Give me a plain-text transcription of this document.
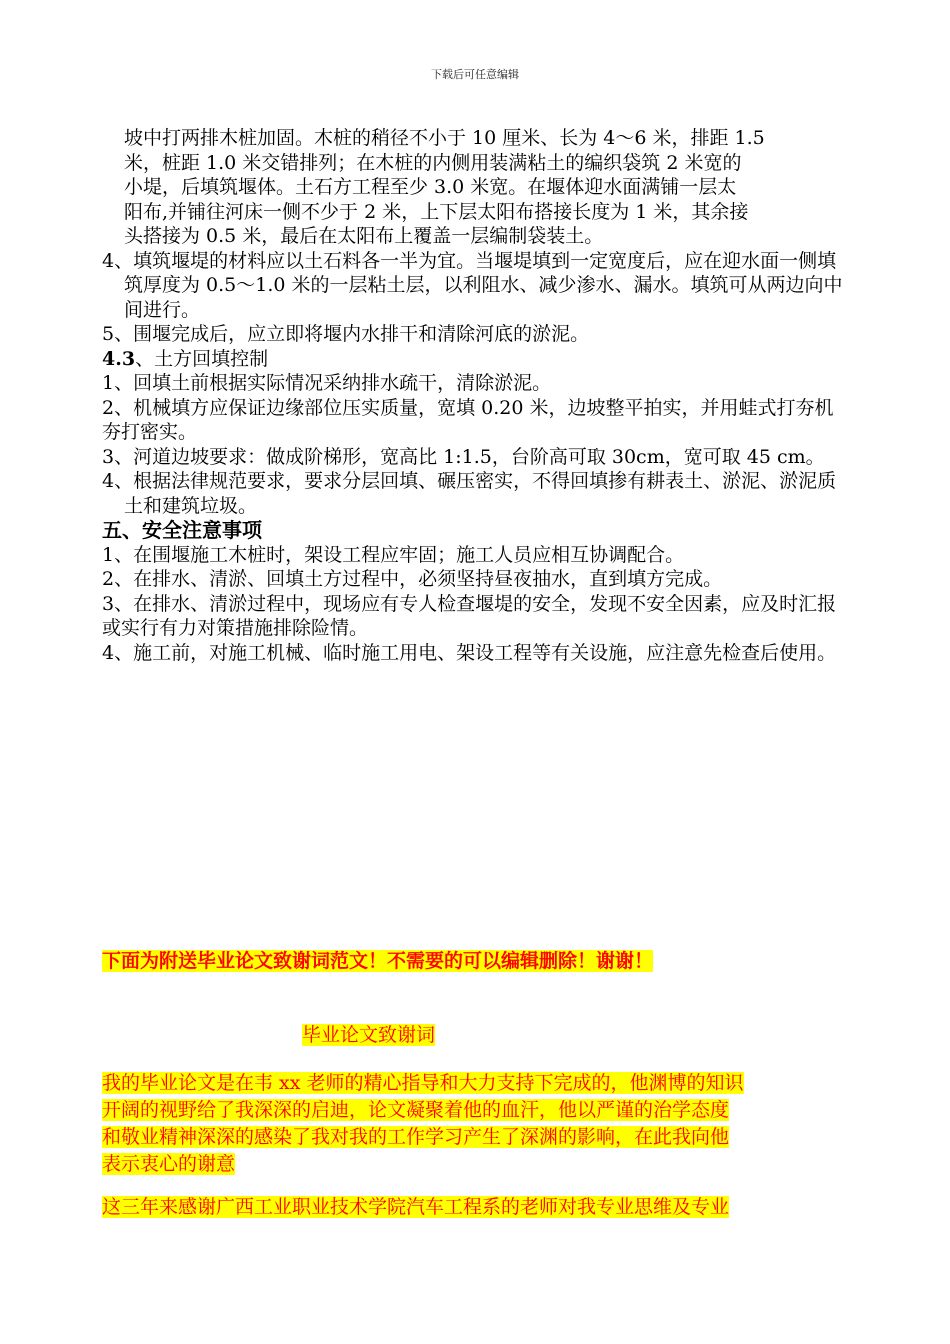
下载后可任意编辑
坡中打两排木桩加固。木桩的稍径不小于 10 厘米、长为 4～6 米，排距 1.5
米，桩距 1.0 米交错排列；在木桩的内侧用装满粘土的编织袋筑 2 米宽的
小堤，后填筑堰体。土石方工程至少 3.0 米宽。在堰体迎水面满铺一层太
阳布,并铺往河床一侧不少于 2 米，上下层太阳布搭接长度为 1 米，其余接
头搭接为 0.5 米，最后在太阳布上覆盖一层编制袋装土。
4、填筑堰堤的材料应以土石料各一半为宜。当堰堤填到一定宽度后，应在迎水面一侧填筑厚度为 0.5～1.0 米的一层粘土层，以利阻水、减少渗水、漏水。填筑可从两边向中间进行。
5、围堰完成后，应立即将堰内水排干和清除河底的淤泥。
4.3、土方回填控制
1、回填土前根据实际情况采纳排水疏干，清除淤泥。
2、机械填方应保证边缘部位压实质量，宽填 0.20 米，边坡整平拍实，并用蛙式打夯机夯打密实。
3、河道边坡要求：做成阶梯形，宽高比 1:1.5，台阶高可取 30cm，宽可取 45 cm。
4、根据法律规范要求，要求分层回填、碾压密实，不得回填掺有耕表土、淤泥、淤泥质土和建筑垃圾。
五、安全注意事项
1、在围堰施工木桩时，架设工程应牢固；施工人员应相互协调配合。
2、在排水、清淤、回填土方过程中，必须坚持昼夜抽水，直到填方完成。
3、在排水、清淤过程中，现场应有专人检查堰堤的安全，发现不安全因素，应及时汇报或实行有力对策措施排除险情。
4、施工前，对施工机械、临时施工用电、架设工程等有关设施，应注意先检查后使用。
下面为附送毕业论文致谢词范文！不需要的可以编辑删除！谢谢！
毕业论文致谢词
我的毕业论文是在韦 xx 老师的精心指导和大力支持下完成的，他渊博的知识
开阔的视野给了我深深的启迪，论文凝聚着他的血汗，他以严谨的治学态度
和敬业精神深深的感染了我对我的工作学习产生了深渊的影响，在此我向他
表示衷心的谢意
这三年来感谢广西工业职业技术学院汽车工程系的老师对我专业思维及专业
